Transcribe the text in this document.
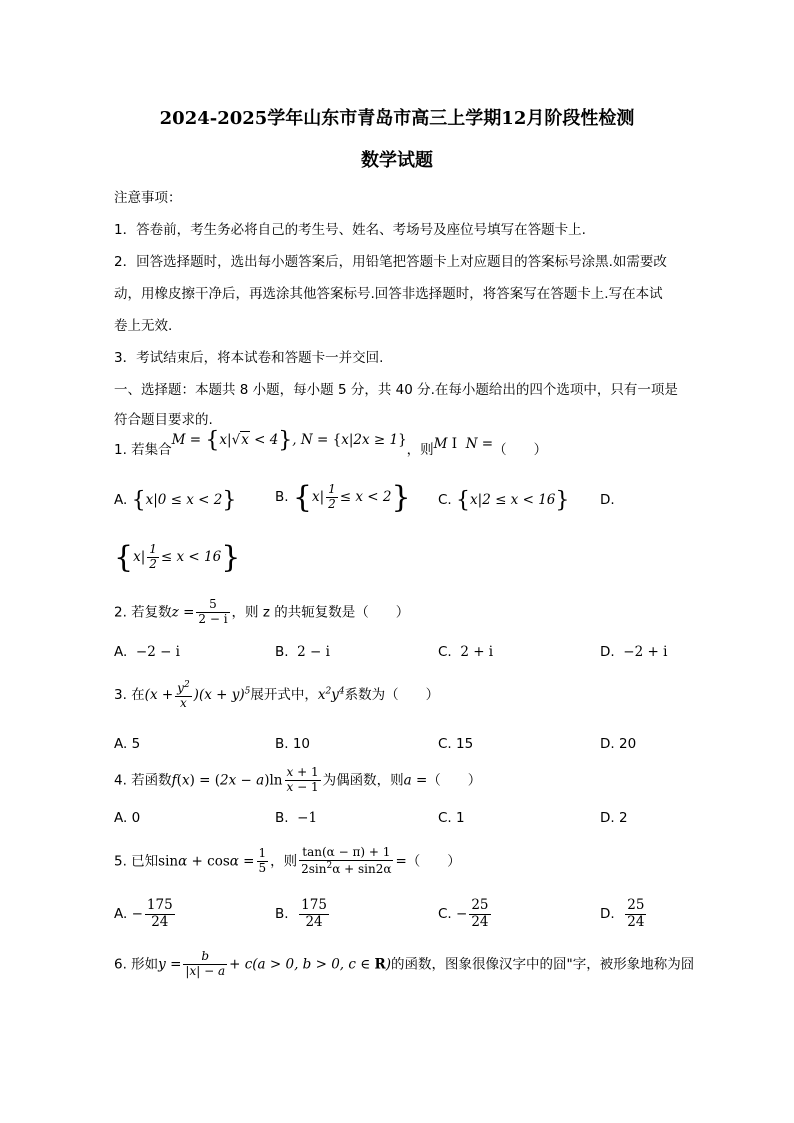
2024-2025学年山东市青岛市高三上学期12月阶段性检测
数学试题
注意事项：
1．答卷前，考生务必将自己的考生号、姓名、考场号及座位号填写在答题卡上.
2．回答选择题时，选出每小题答案后，用铅笔把答题卡上对应题目的答案标号涂黑.如需要改
动，用橡皮擦干净后，再选涂其他答案标号.回答非选择题时，将答案写在答题卡上.写在本试
卷上无效.
3．考试结束后，将本试卷和答题卡一并交回.
一、选择题：本题共 8 小题，每小题 5 分，共 40 分.在每小题给出的四个选项中，只有一项是
符合题目要求的.
1. 若集合M = {x|√x < 4}, N = {x|2x ≥ 1}，则M I  N =（　　）
A. {x|0 ≤ x < 2}	B. $\{x| \frac{1}{2} \le x < 2\}$ C. {x|2 ≤ x < 16} D.
$\{x| \frac{1}{2} \le x < 16\}$
2. 若复数$z = \frac{5}{2 - i}$ ，则 z 的共轭复数是（　　）
A. −2 − i	B. 2 − i	C. 2 + i	D. −2 + i
3. 在$(x + \frac{y^2}{x} )(x + y)^5$展开式中，$x^2y^4$系数为（　　）
A. 5	B. 10	C. 15	D. 20
4. 若函数$f(x) = (2x - a)\ln \frac{x + 1}{x - 1}$ 为偶函数，则a =（　　）
A. 0	B. −1	C. 1	D. 2
5. 已知$\sin\alpha + \cos\alpha = \frac{1}{5}$ ，则 $\frac{\tan(\alpha - \pi) + 1}{2\sin^2\alpha + \sin 2\alpha}$ =（　　）
A. − $\frac{175}{24}$	B. $\frac{175}{24}$	C. − $\frac{25}{24}$	D. $\frac{25}{24}$
6. 形如$y = \frac{b}{|x| - a} + c(a > 0$, b > 0, c ∈ R)的函数，图象很像汉字中的囧"字，被形象地称为囧
